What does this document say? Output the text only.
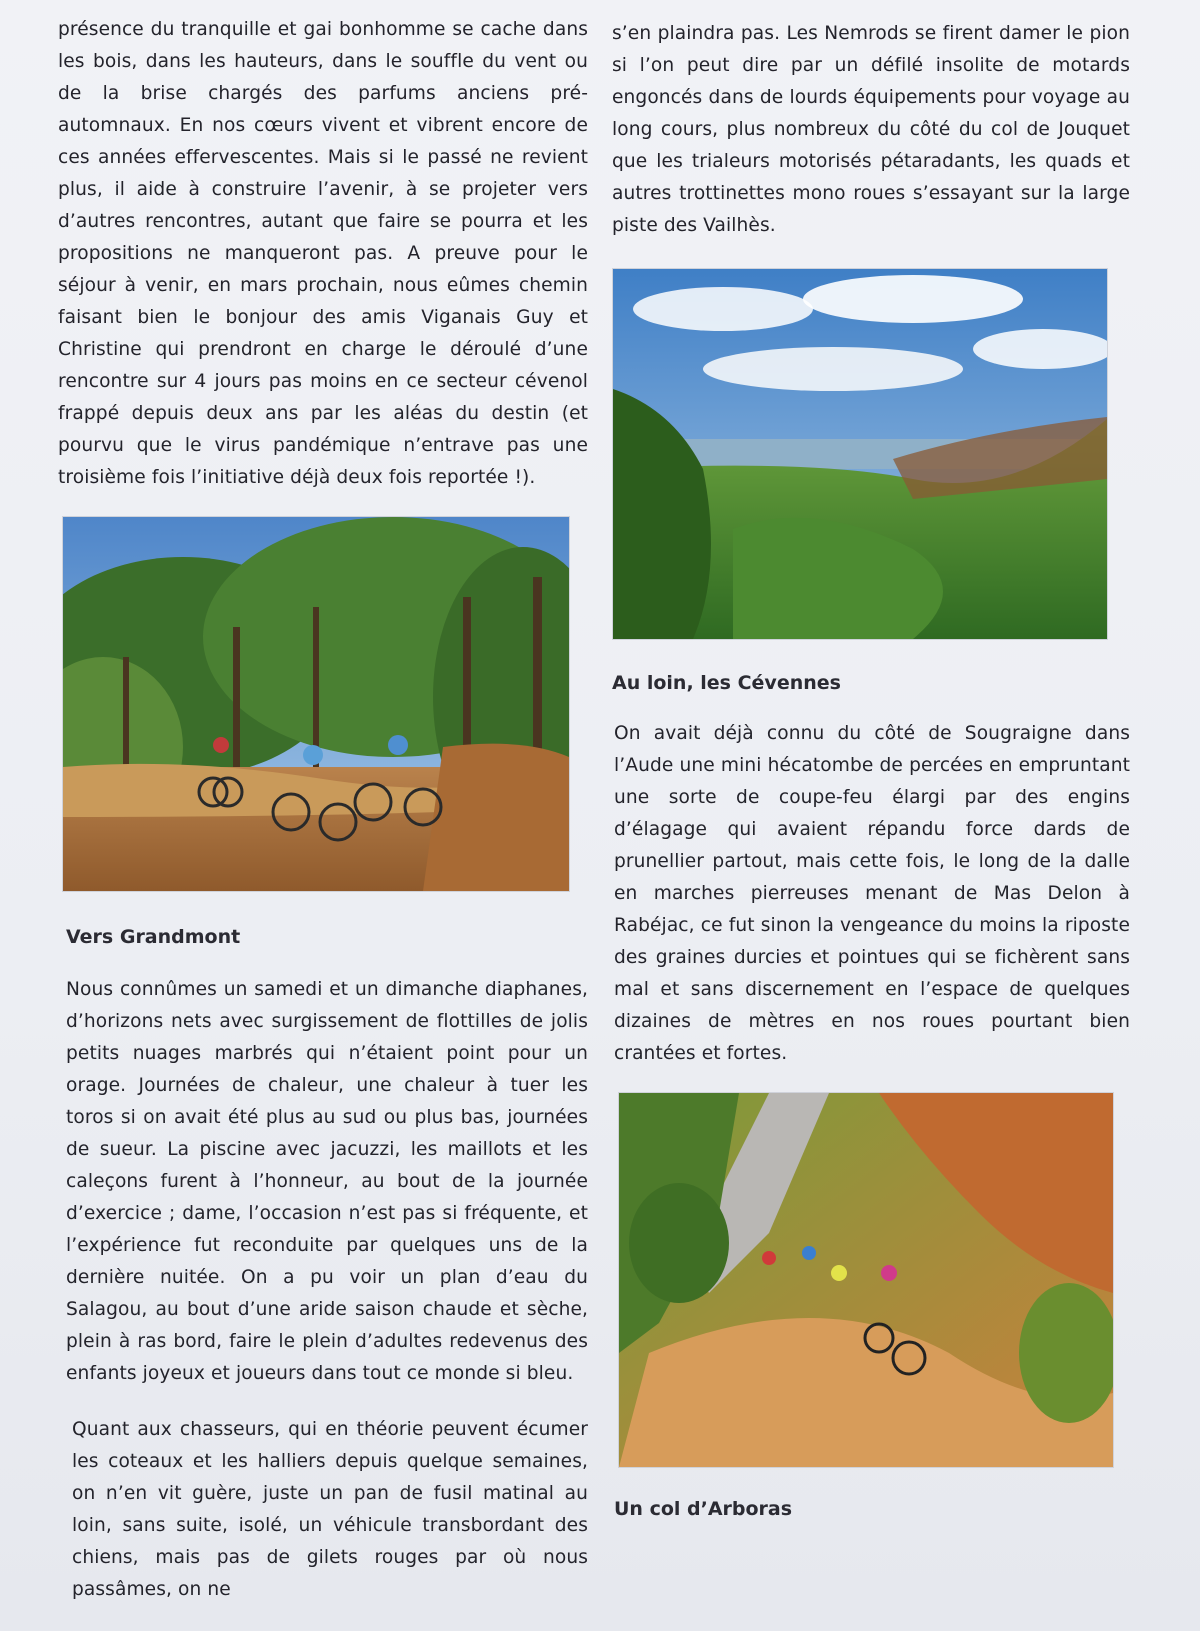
présence du tranquille et gai bonhomme se cache dans les bois, dans les hauteurs, dans le souffle du vent ou de la brise chargés des parfums anciens pré-automnaux. En nos cœurs vivent et vibrent encore de ces années effervescentes. Mais si le passé ne revient plus, il aide à construire l’avenir, à se projeter vers d’autres rencontres, autant que faire se pourra et les propositions ne manqueront pas. A preuve pour le séjour à venir, en mars prochain, nous eûmes chemin faisant bien le bonjour des amis Viganais Guy et Christine qui prendront en charge le déroulé d’une rencontre sur 4 jours pas moins en ce secteur cévenol frappé depuis deux ans par les aléas du destin (et pourvu que le virus pandémique n’entrave pas une troisième fois l’initiative déjà deux fois reportée !).

Vers Grandmont

Nous connûmes un samedi et un dimanche diaphanes, d’horizons nets avec surgissement de flottilles de jolis petits nuages marbrés qui n’étaient point pour un orage. Journées de chaleur, une chaleur à tuer les toros si on avait été plus au sud ou plus bas, journées de sueur. La piscine avec jacuzzi, les maillots et les caleçons furent à l’honneur, au bout de la journée d’exercice ; dame, l’occasion n’est pas si fréquente, et l’expérience fut reconduite par quelques uns de la dernière nuitée. On a pu voir un plan d’eau du Salagou, au bout d’une aride saison chaude et sèche, plein à ras bord, faire le plein d’adultes redevenus des enfants joyeux et joueurs dans tout ce monde si bleu.

Quant aux chasseurs, qui en théorie peuvent écumer les coteaux et les halliers depuis quelque semaines, on n’en vit guère, juste un pan de fusil matinal au loin, sans suite, isolé, un véhicule transbordant des chiens, mais pas de gilets rouges par où nous passâmes, on ne

s’en plaindra pas. Les Nemrods se firent damer le pion si l’on peut dire par un défilé insolite de motards engoncés dans de lourds équipements pour voyage au long cours, plus nombreux du côté du col de Jouquet que les trialeurs motorisés pétaradants, les quads et autres trottinettes mono roues s’essayant sur la large piste des Vailhès.

Au loin, les Cévennes

On avait déjà connu du côté de Sougraigne dans l’Aude une mini hécatombe de percées en empruntant une sorte de coupe-feu élargi par des engins d’élagage qui avaient répandu force dards de prunellier partout, mais cette fois, le long de la dalle en marches pierreuses menant de Mas Delon à Rabéjac, ce fut sinon la vengeance du moins la riposte des graines durcies et pointues qui se fichèrent sans mal et sans discernement en l’espace de quelques dizaines de mètres en nos roues pourtant bien crantées et fortes.

Un col d’Arboras
